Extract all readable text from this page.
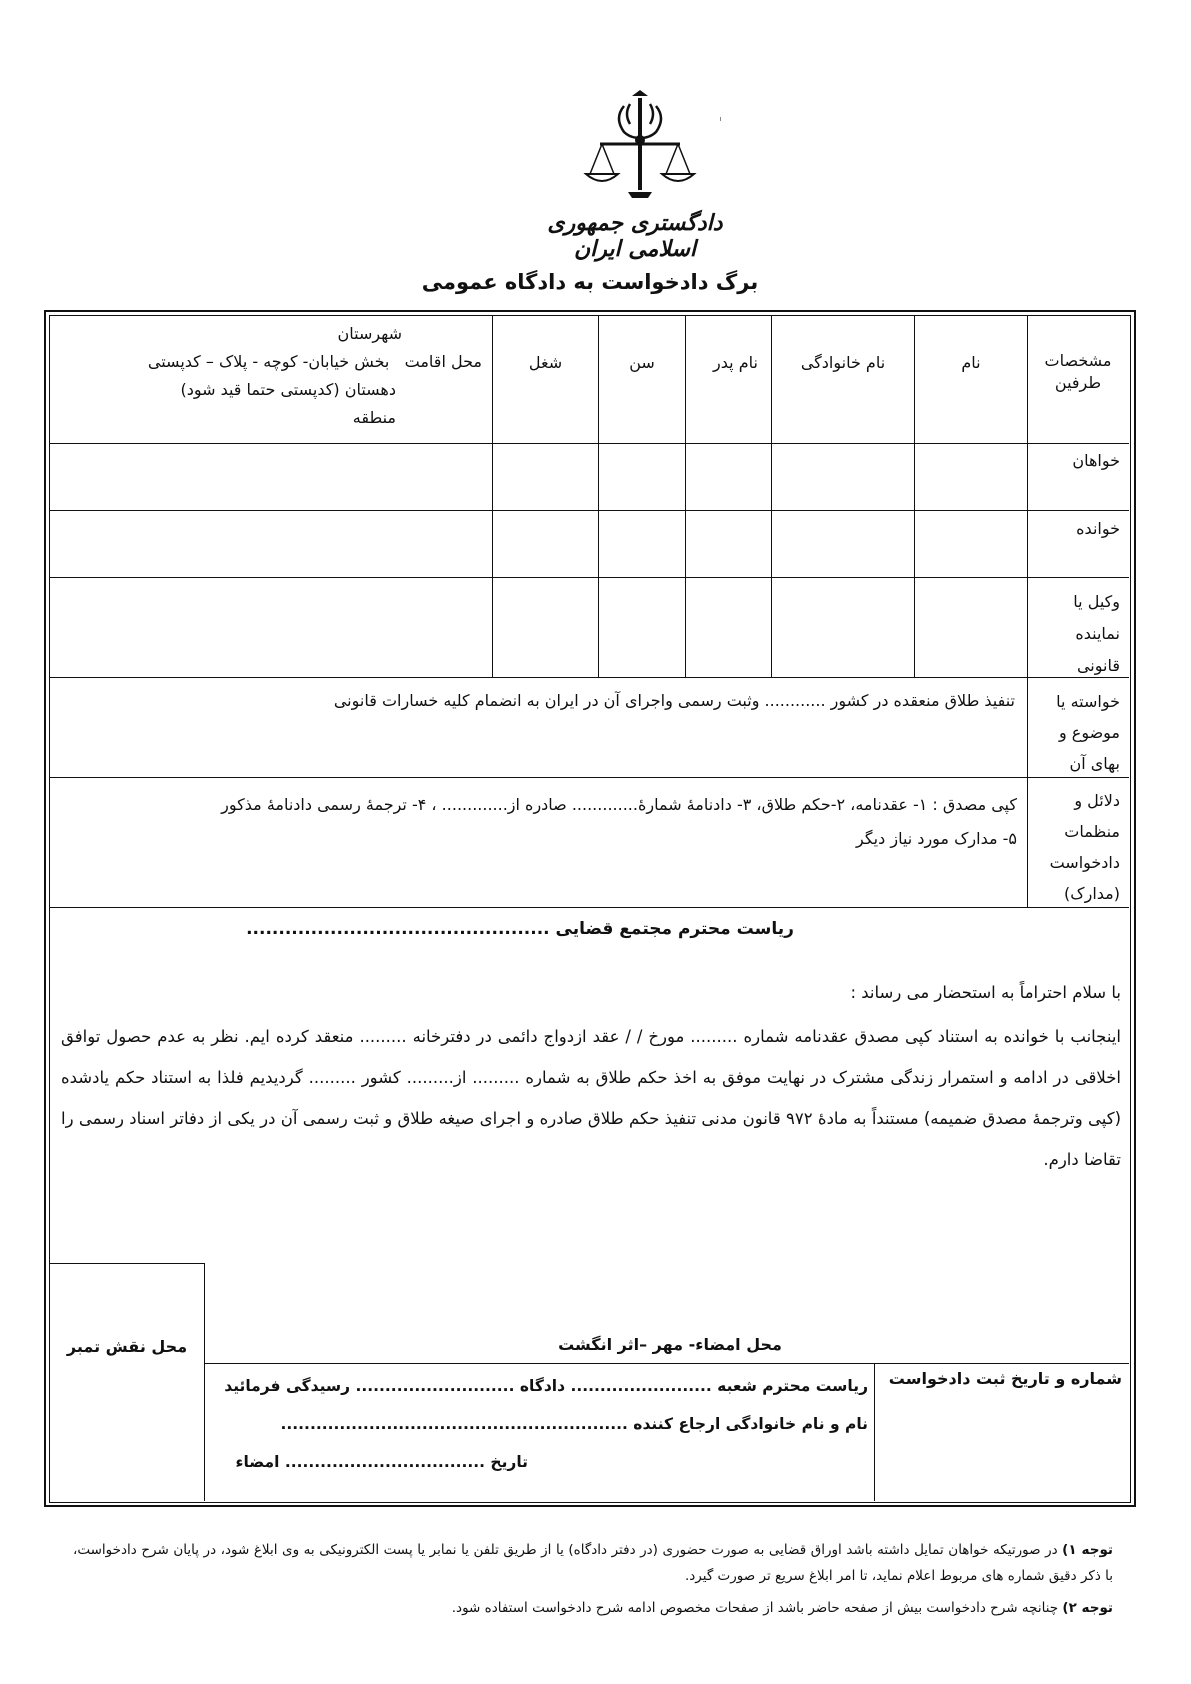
دادگستری جمهوری اسلامی ایران
برگ دادخواست به دادگاه عمومی
مشخصات طرفین
نام
نام خانوادگی
نام پدر
سن
شغل
شهرستان
محل اقامت   بخش خیابان- کوچه - پلاک – کدپستی
دهستان (کدپستی حتما قید شود)
منطقه
خواهان
خوانده
وکیل یا
نماینده
قانونی
خواسته یا
موضوع و
بهای آن
تنفیذ طلاق منعقده در کشور ............ وثبت رسمی واجرای آن در ایران به انضمام کلیه خسارات قانونی
دلائل و
منظمات
دادخواست
(مدارک)
کپی مصدق : ۱- عقدنامه، ۲-حکم طلاق، ۳- دادنامهٔ شمارهٔ............. صادره از............. ، ۴- ترجمهٔ رسمی دادنامهٔ مذکور
۵- مدارک مورد نیاز دیگر
ریاست محترم مجتمع قضایی ...............................................
با سلام احتراماً به استحضار می رساند :
اینجانب با خوانده به استناد کپی مصدق عقدنامه شماره ......... مورخ / / عقد ازدواج دائمی در دفترخانه ......... منعقد کرده ایم. نظر به عدم حصول توافق اخلاقی در ادامه و استمرار زندگی مشترک در نهایت موفق به اخذ حکم طلاق به شماره ......... از......... کشور ......... گردیدیم فلذا به استناد حکم یادشده (کپی وترجمهٔ مصدق ضمیمه) مستنداً به مادهٔ ۹۷۲ قانون مدنی تنفیذ حکم طلاق صادره و اجرای صیغه طلاق و ثبت رسمی آن در یکی از دفاتر اسناد رسمی را تقاضا دارم.
محل نقش تمبر	محل امضاء- مهر –اثر انگشت
شماره و تاریخ ثبت دادخواست
ریاست محترم شعبه ........................ دادگاه ........................... رسیدگی فرمائید
نام و نام خانوادگی ارجاع کننده ...........................................................
تاریخ .................................. امضاء
توجه ۱) در صورتیکه خواهان تمایل داشته باشد اوراق قضایی به صورت حضوری (در دفتر دادگاه) یا از طریق تلفن یا نمابر یا پست الکترونیکی به وی ابلاغ شود، در پایان شرح دادخواست، با ذکر دقیق شماره های مربوط اعلام نماید، تا امر ابلاغ سریع تر صورت گیرد.
توجه ۲) چنانچه شرح دادخواست بیش از صفحه حاضر باشد از صفحات مخصوص ادامه شرح دادخواست استفاده شود.
